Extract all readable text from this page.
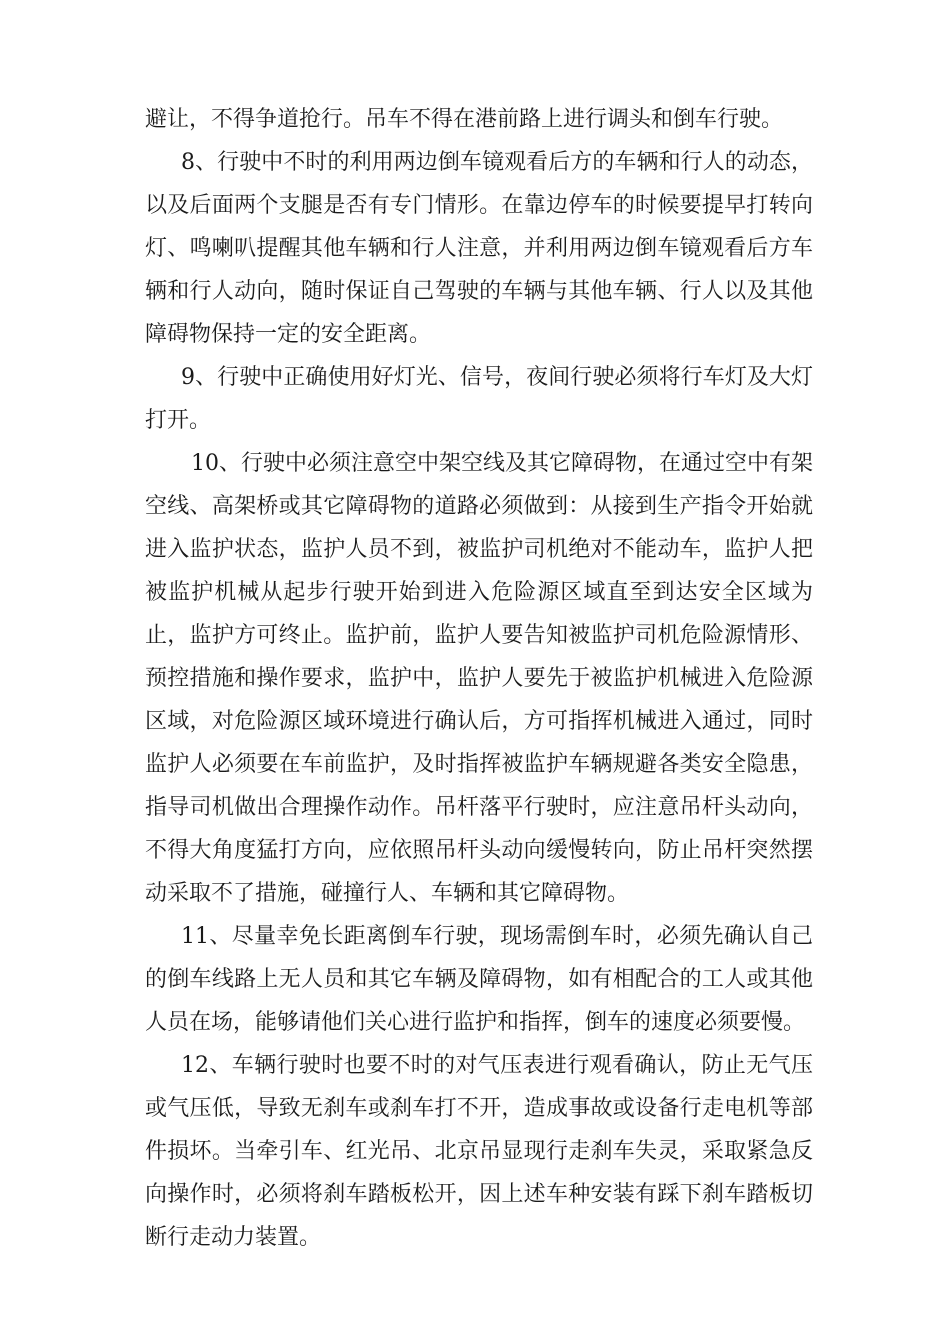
避让，不得争道抢行。吊车不得在港前路上进行调头和倒车行驶。

8、行驶中不时的利用两边倒车镜观看后方的车辆和行人的动态，以及后面两个支腿是否有专门情形。在靠边停车的时候要提早打转向灯、鸣喇叭提醒其他车辆和行人注意，并利用两边倒车镜观看后方车辆和行人动向，随时保证自己驾驶的车辆与其他车辆、行人以及其他障碍物保持一定的安全距离。

9、行驶中正确使用好灯光、信号，夜间行驶必须将行车灯及大灯打开。

10、行驶中必须注意空中架空线及其它障碍物，在通过空中有架空线、高架桥或其它障碍物的道路必须做到：从接到生产指令开始就进入监护状态，监护人员不到，被监护司机绝对不能动车，监护人把被监护机械从起步行驶开始到进入危险源区域直至到达安全区域为止，监护方可终止。监护前，监护人要告知被监护司机危险源情形、预控措施和操作要求，监护中，监护人要先于被监护机械进入危险源区域，对危险源区域环境进行确认后，方可指挥机械进入通过，同时监护人必须要在车前监护，及时指挥被监护车辆规避各类安全隐患，指导司机做出合理操作动作。吊杆落平行驶时，应注意吊杆头动向，不得大角度猛打方向，应依照吊杆头动向缓慢转向，防止吊杆突然摆动采取不了措施，碰撞行人、车辆和其它障碍物。

11、尽量幸免长距离倒车行驶，现场需倒车时，必须先确认自己的倒车线路上无人员和其它车辆及障碍物，如有相配合的工人或其他人员在场，能够请他们关心进行监护和指挥，倒车的速度必须要慢。

12、车辆行驶时也要不时的对气压表进行观看确认，防止无气压或气压低，导致无刹车或刹车打不开，造成事故或设备行走电机等部件损坏。当牵引车、红光吊、北京吊显现行走刹车失灵，采取紧急反向操作时，必须将刹车踏板松开，因上述车种安装有踩下刹车踏板切断行走动力装置。
